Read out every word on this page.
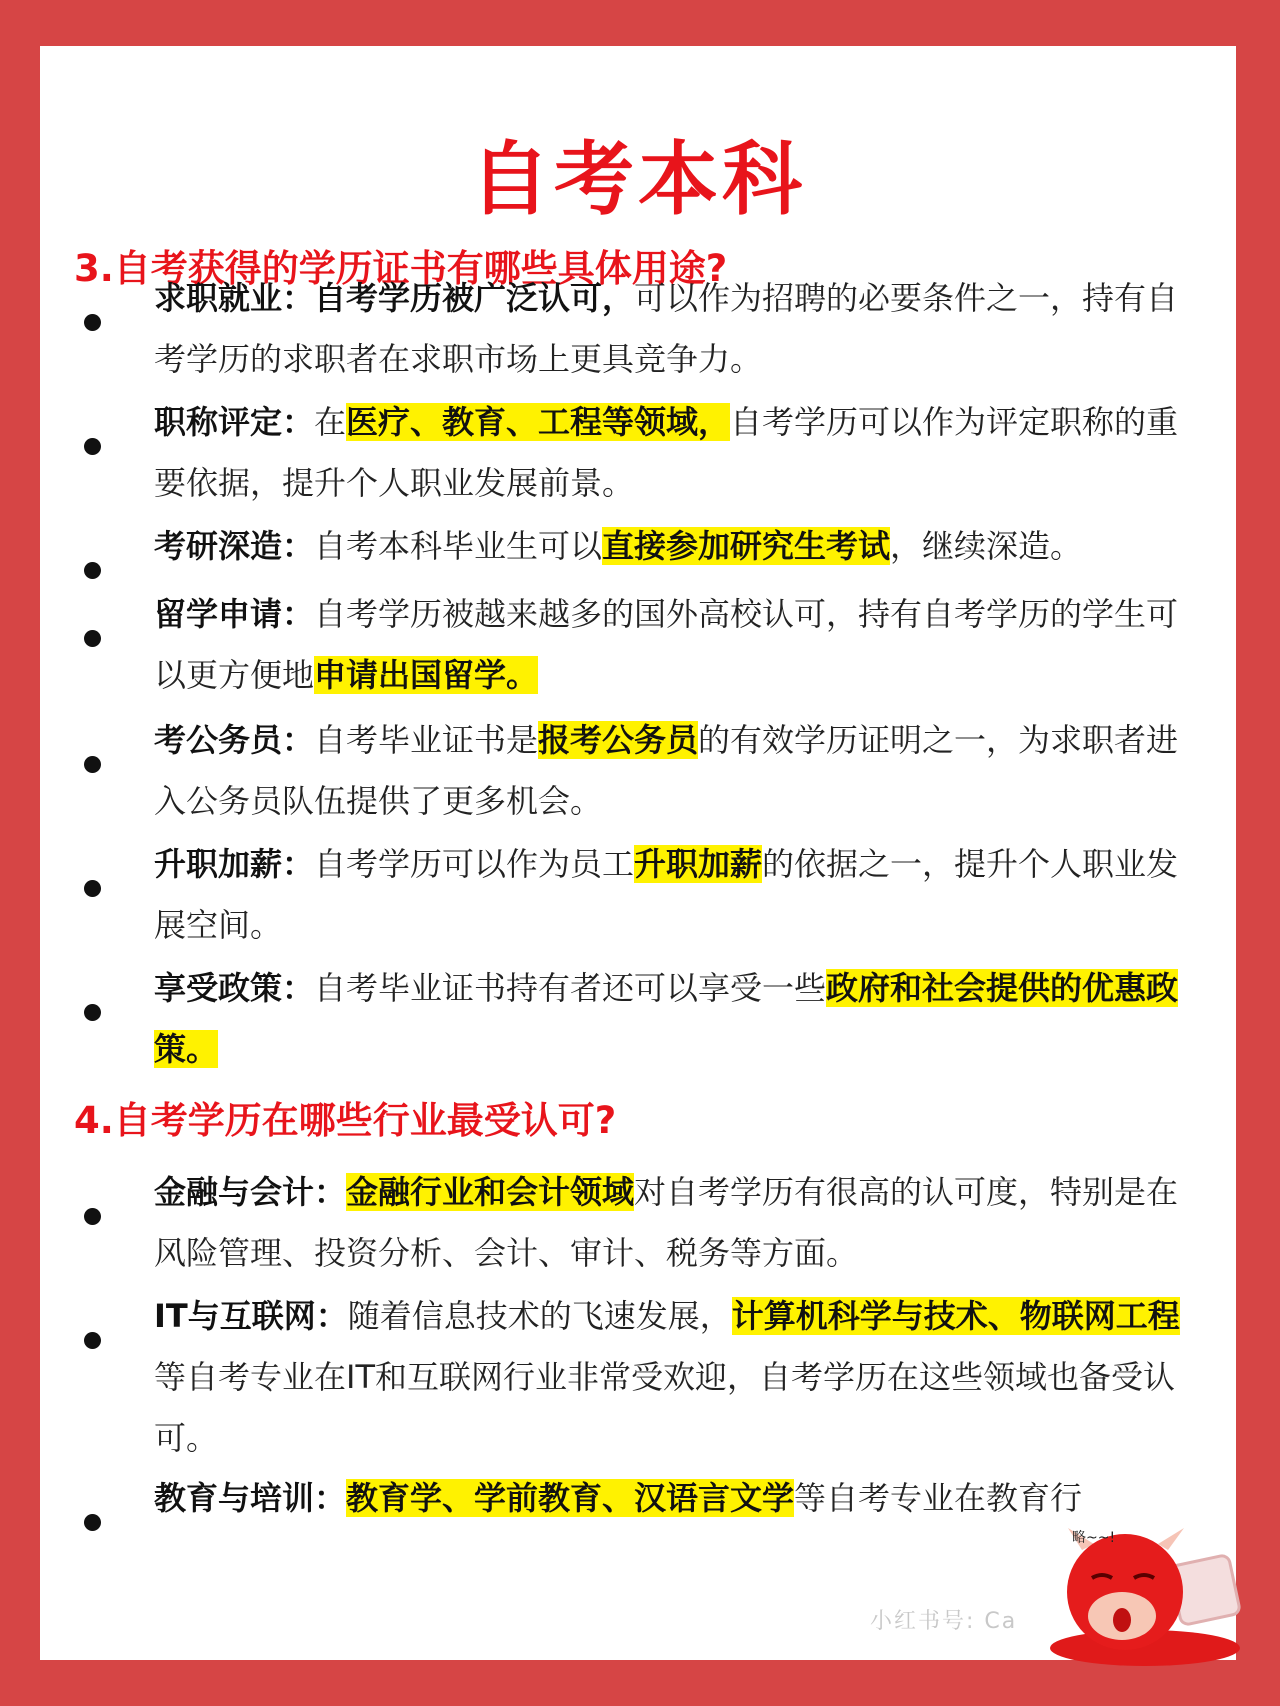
自考本科
3.自考获得的学历证书有哪些具体用途?
求职就业：自考学历被广泛认可，可以作为招聘的必要条件之一，持有自考学历的求职者在求职市场上更具竞争力。
职称评定：在医疗、教育、工程等领域，自考学历可以作为评定职称的重要依据，提升个人职业发展前景。
考研深造：自考本科毕业生可以直接参加研究生考试，继续深造。
留学申请：自考学历被越来越多的国外高校认可，持有自考学历的学生可以更方便地申请出国留学。
考公务员：自考毕业证书是报考公务员的有效学历证明之一，为求职者进入公务员队伍提供了更多机会。
升职加薪：自考学历可以作为员工升职加薪的依据之一，提升个人职业发展空间。
享受政策：自考毕业证书持有者还可以享受一些政府和社会提供的优惠政策。
4.自考学历在哪些行业最受认可?
金融与会计：金融行业和会计领域对自考学历有很高的认可度，特别是在风险管理、投资分析、会计、审计、税务等方面。
IT与互联网：随着信息技术的飞速发展，计算机科学与技术、物联网工程等自考专业在IT和互联网行业非常受欢迎，自考学历在这些领域也备受认可。
教育与培训：教育学、学前教育、汉语言文学等自考专业在教育行
略~~!
小红书号: Ca
